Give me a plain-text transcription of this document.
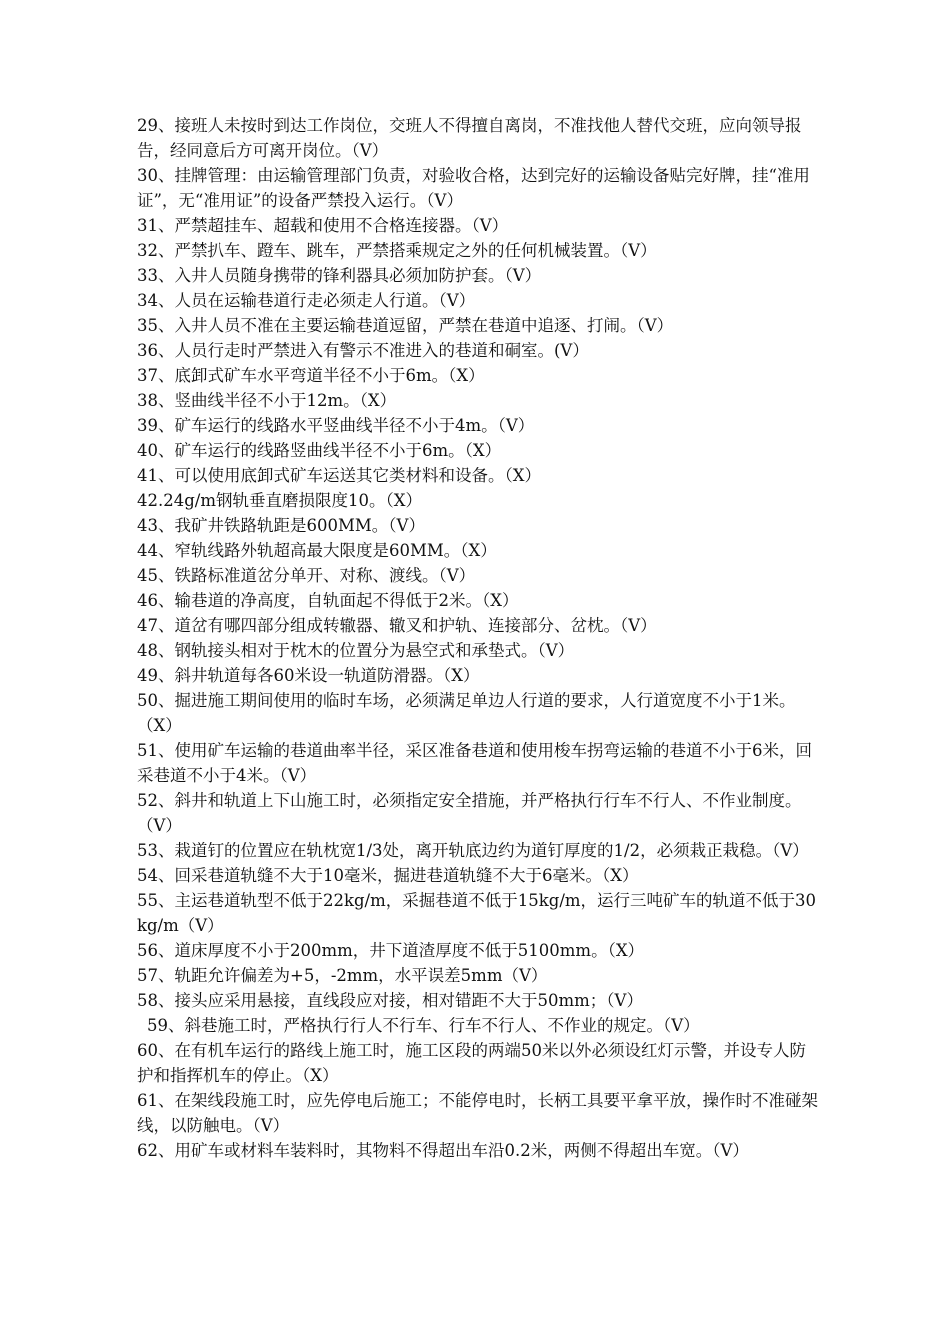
29、接班人未按时到达工作岗位，交班人不得擅自离岗，不准找他人替代交班，应向领导报告，经同意后方可离开岗位。（V）

30、挂牌管理：由运输管理部门负责，对验收合格，达到完好的运输设备贴完好牌，挂“准用证”，无“准用证”的设备严禁投入运行。（V）

31、严禁超挂车、超载和使用不合格连接器。（V）

32、严禁扒车、蹬车、跳车，严禁搭乘规定之外的任何机械装置。（V）

33、入井人员随身携带的锋利器具必须加防护套。（V）

34、人员在运输巷道行走必须走人行道。（V）

35、入井人员不准在主要运输巷道逗留，严禁在巷道中追逐、打闹。（V）

36、人员行走时严禁进入有警示不准进入的巷道和硐室。(V）

37、底卸式矿车水平弯道半径不小于6m。（X）

38、竖曲线半径不小于12m。（X）

39、矿车运行的线路水平竖曲线半径不小于4m。（V）

40、矿车运行的线路竖曲线半径不小于6m。（X）

41、可以使用底卸式矿车运送其它类材料和设备。（X）

42.24g/m钢轨垂直磨损限度10。（X）

43、我矿井铁路轨距是600MM。（V）

44、窄轨线路外轨超高最大限度是60MM。（X）

45、铁路标准道岔分单开、对称、渡线。（V）

46、输巷道的净高度，自轨面起不得低于2米。（X）

47、道岔有哪四部分组成转辙器、辙叉和护轨、连接部分、岔枕。（V）

48、钢轨接头相对于枕木的位置分为悬空式和承垫式。（V）

49、斜井轨道每各60米设一轨道防滑器。（X）

50、掘进施工期间使用的临时车场，必须满足单边人行道的要求，人行道宽度不小于1米。（X）

51、使用矿车运输的巷道曲率半径，采区准备巷道和使用梭车拐弯运输的巷道不小于6米，回采巷道不小于4米。（V）

52、斜井和轨道上下山施工时，必须指定安全措施，并严格执行行车不行人、不作业制度。（V）

53、栽道钉的位置应在轨枕宽1/3处，离开轨底边约为道钉厚度的1/2，必须栽正栽稳。（V）

54、回采巷道轨缝不大于10毫米，掘进巷道轨缝不大于6毫米。（X）

55、主运巷道轨型不低于22kg/m，采掘巷道不低于15kg/m，运行三吨矿车的轨道不低于30kg/m（V）

56、道床厚度不小于200mm，井下道渣厚度不低于5100mm。（X）

57、轨距允许偏差为+5，-2mm，水平误差5mm（V）

58、接头应采用悬接，直线段应对接，相对错距不大于50mm；（V）

59、斜巷施工时，严格执行行人不行车、行车不行人、不作业的规定。（V）

60、在有机车运行的路线上施工时，施工区段的两端50米以外必须设红灯示警，并设专人防护和指挥机车的停止。（X）

61、在架线段施工时，应先停电后施工；不能停电时，长柄工具要平拿平放，操作时不准碰架线，以防触电。（V）

62、用矿车或材料车装料时，其物料不得超出车沿0.2米，两侧不得超出车宽。（V）
